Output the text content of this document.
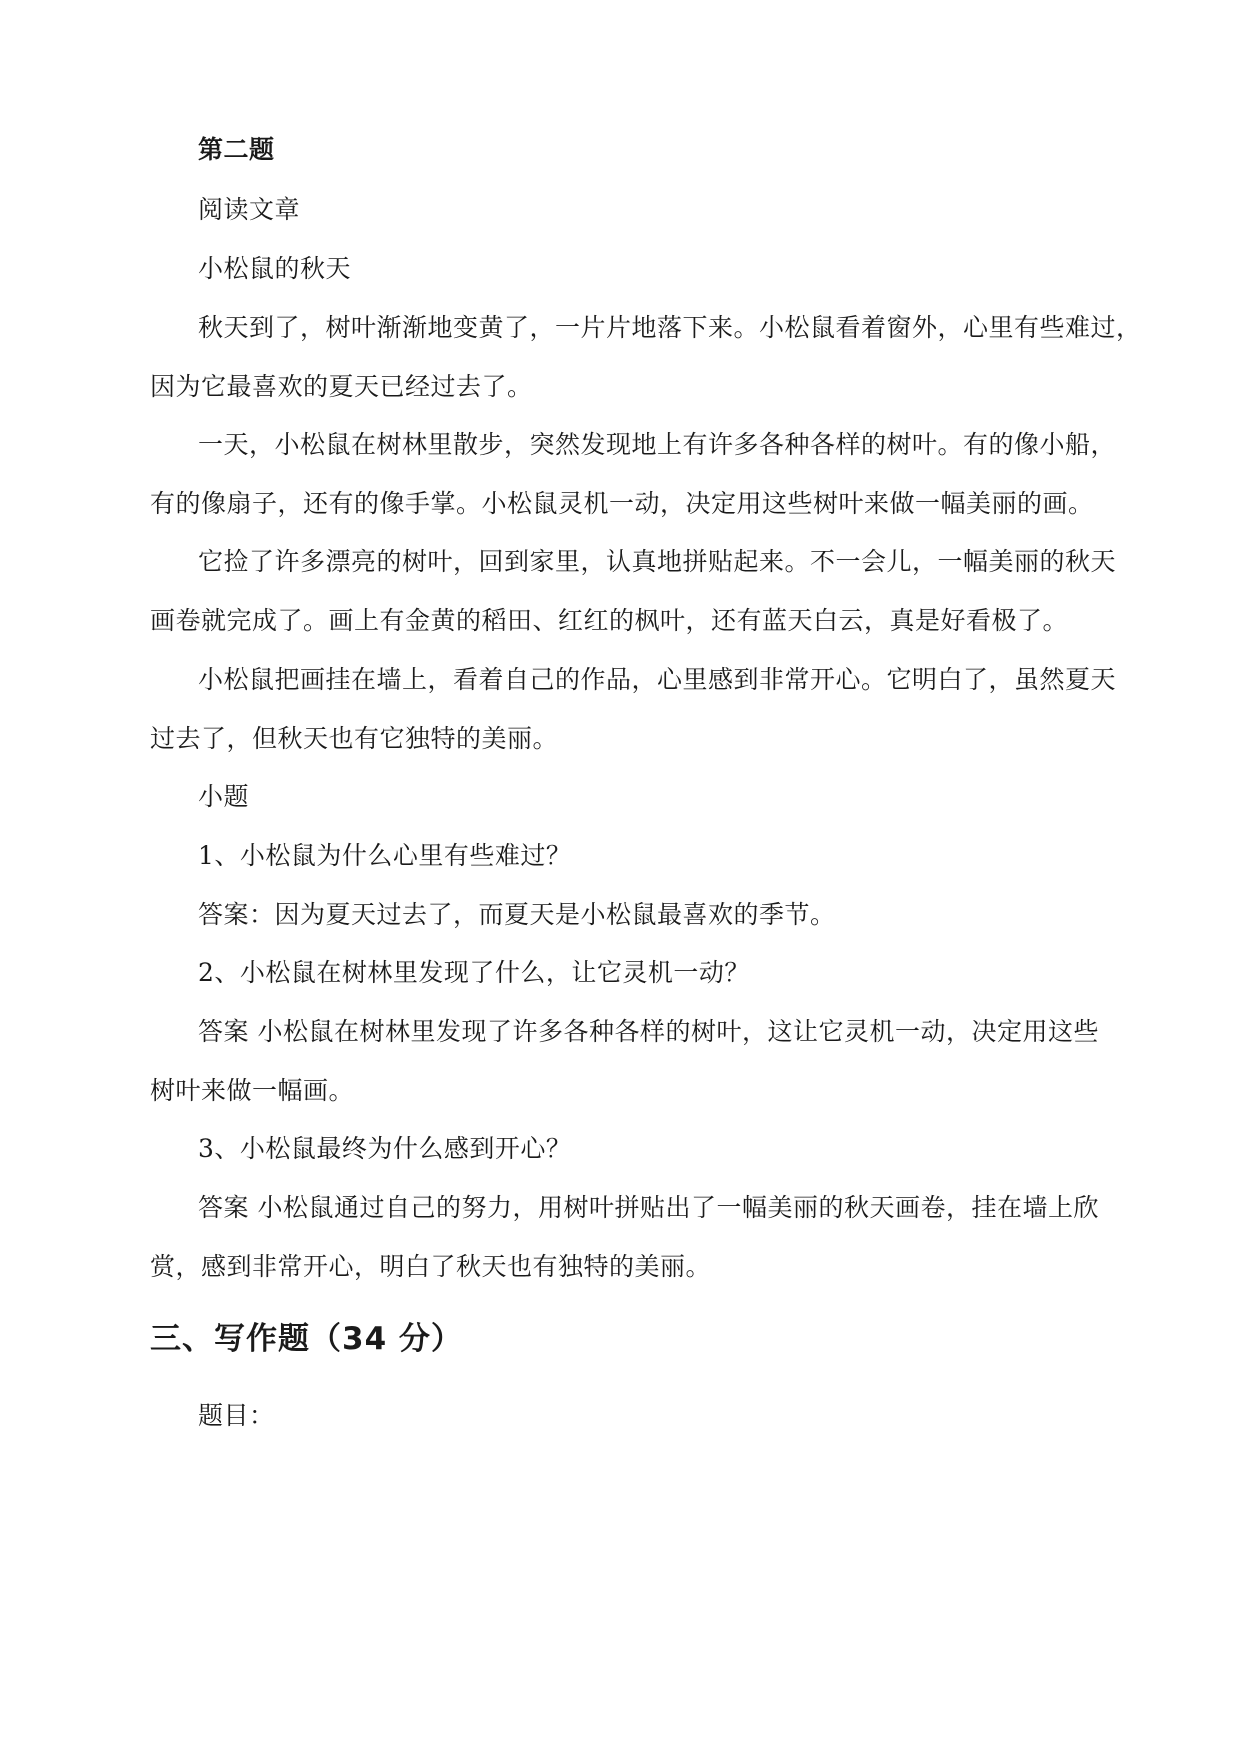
第二题
阅读文章
小松鼠的秋天
秋天到了，树叶渐渐地变黄了，一片片地落下来。小松鼠看着窗外，心里有些难过，
因为它最喜欢的夏天已经过去了。
一天，小松鼠在树林里散步，突然发现地上有许多各种各样的树叶。有的像小船，
有的像扇子，还有的像手掌。小松鼠灵机一动，决定用这些树叶来做一幅美丽的画。
它捡了许多漂亮的树叶，回到家里，认真地拼贴起来。不一会儿，一幅美丽的秋天
画卷就完成了。画上有金黄的稻田、红红的枫叶，还有蓝天白云，真是好看极了。
小松鼠把画挂在墙上，看着自己的作品，心里感到非常开心。它明白了，虽然夏天
过去了，但秋天也有它独特的美丽。
小题
1、小松鼠为什么心里有些难过？
答案：因为夏天过去了，而夏天是小松鼠最喜欢的季节。
2、小松鼠在树林里发现了什么，让它灵机一动？
答案 小松鼠在树林里发现了许多各种各样的树叶，这让它灵机一动，决定用这些
树叶来做一幅画。
3、小松鼠最终为什么感到开心？
答案 小松鼠通过自己的努力，用树叶拼贴出了一幅美丽的秋天画卷，挂在墙上欣
赏，感到非常开心，明白了秋天也有独特的美丽。
三、写作题（34 分）
题目：
